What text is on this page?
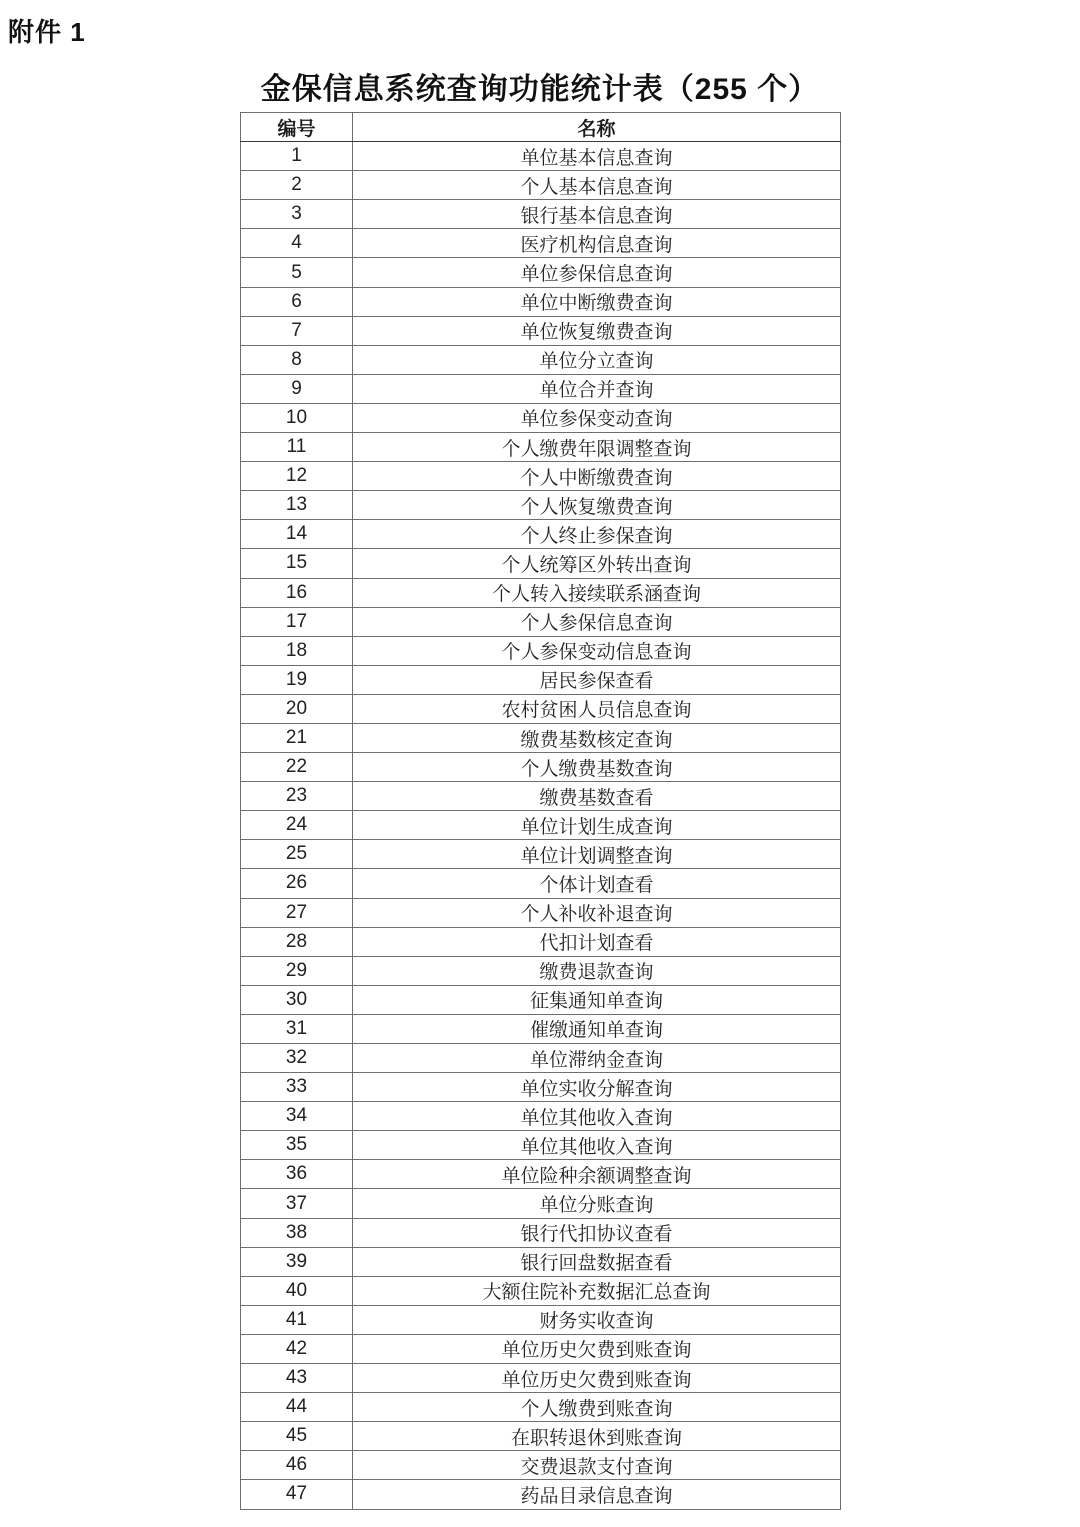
附件 1
金保信息系统查询功能统计表（255 个）
编号	名称
1	单位基本信息查询
2	个人基本信息查询
3	银行基本信息查询
4	医疗机构信息查询
5	单位参保信息查询
6	单位中断缴费查询
7	单位恢复缴费查询
8	单位分立查询
9	单位合并查询
10	单位参保变动查询
11	个人缴费年限调整查询
12	个人中断缴费查询
13	个人恢复缴费查询
14	个人终止参保查询
15	个人统筹区外转出查询
16	个人转入接续联系涵查询
17	个人参保信息查询
18	个人参保变动信息查询
19	居民参保查看
20	农村贫困人员信息查询
21	缴费基数核定查询
22	个人缴费基数查询
23	缴费基数查看
24	单位计划生成查询
25	单位计划调整查询
26	个体计划查看
27	个人补收补退查询
28	代扣计划查看
29	缴费退款查询
30	征集通知单查询
31	催缴通知单查询
32	单位滞纳金查询
33	单位实收分解查询
34	单位其他收入查询
35	单位其他收入查询
36	单位险种余额调整查询
37	单位分账查询
38	银行代扣协议查看
39	银行回盘数据查看
40	大额住院补充数据汇总查询
41	财务实收查询
42	单位历史欠费到账查询
43	单位历史欠费到账查询
44	个人缴费到账查询
45	在职转退休到账查询
46	交费退款支付查询
47	药品目录信息查询
